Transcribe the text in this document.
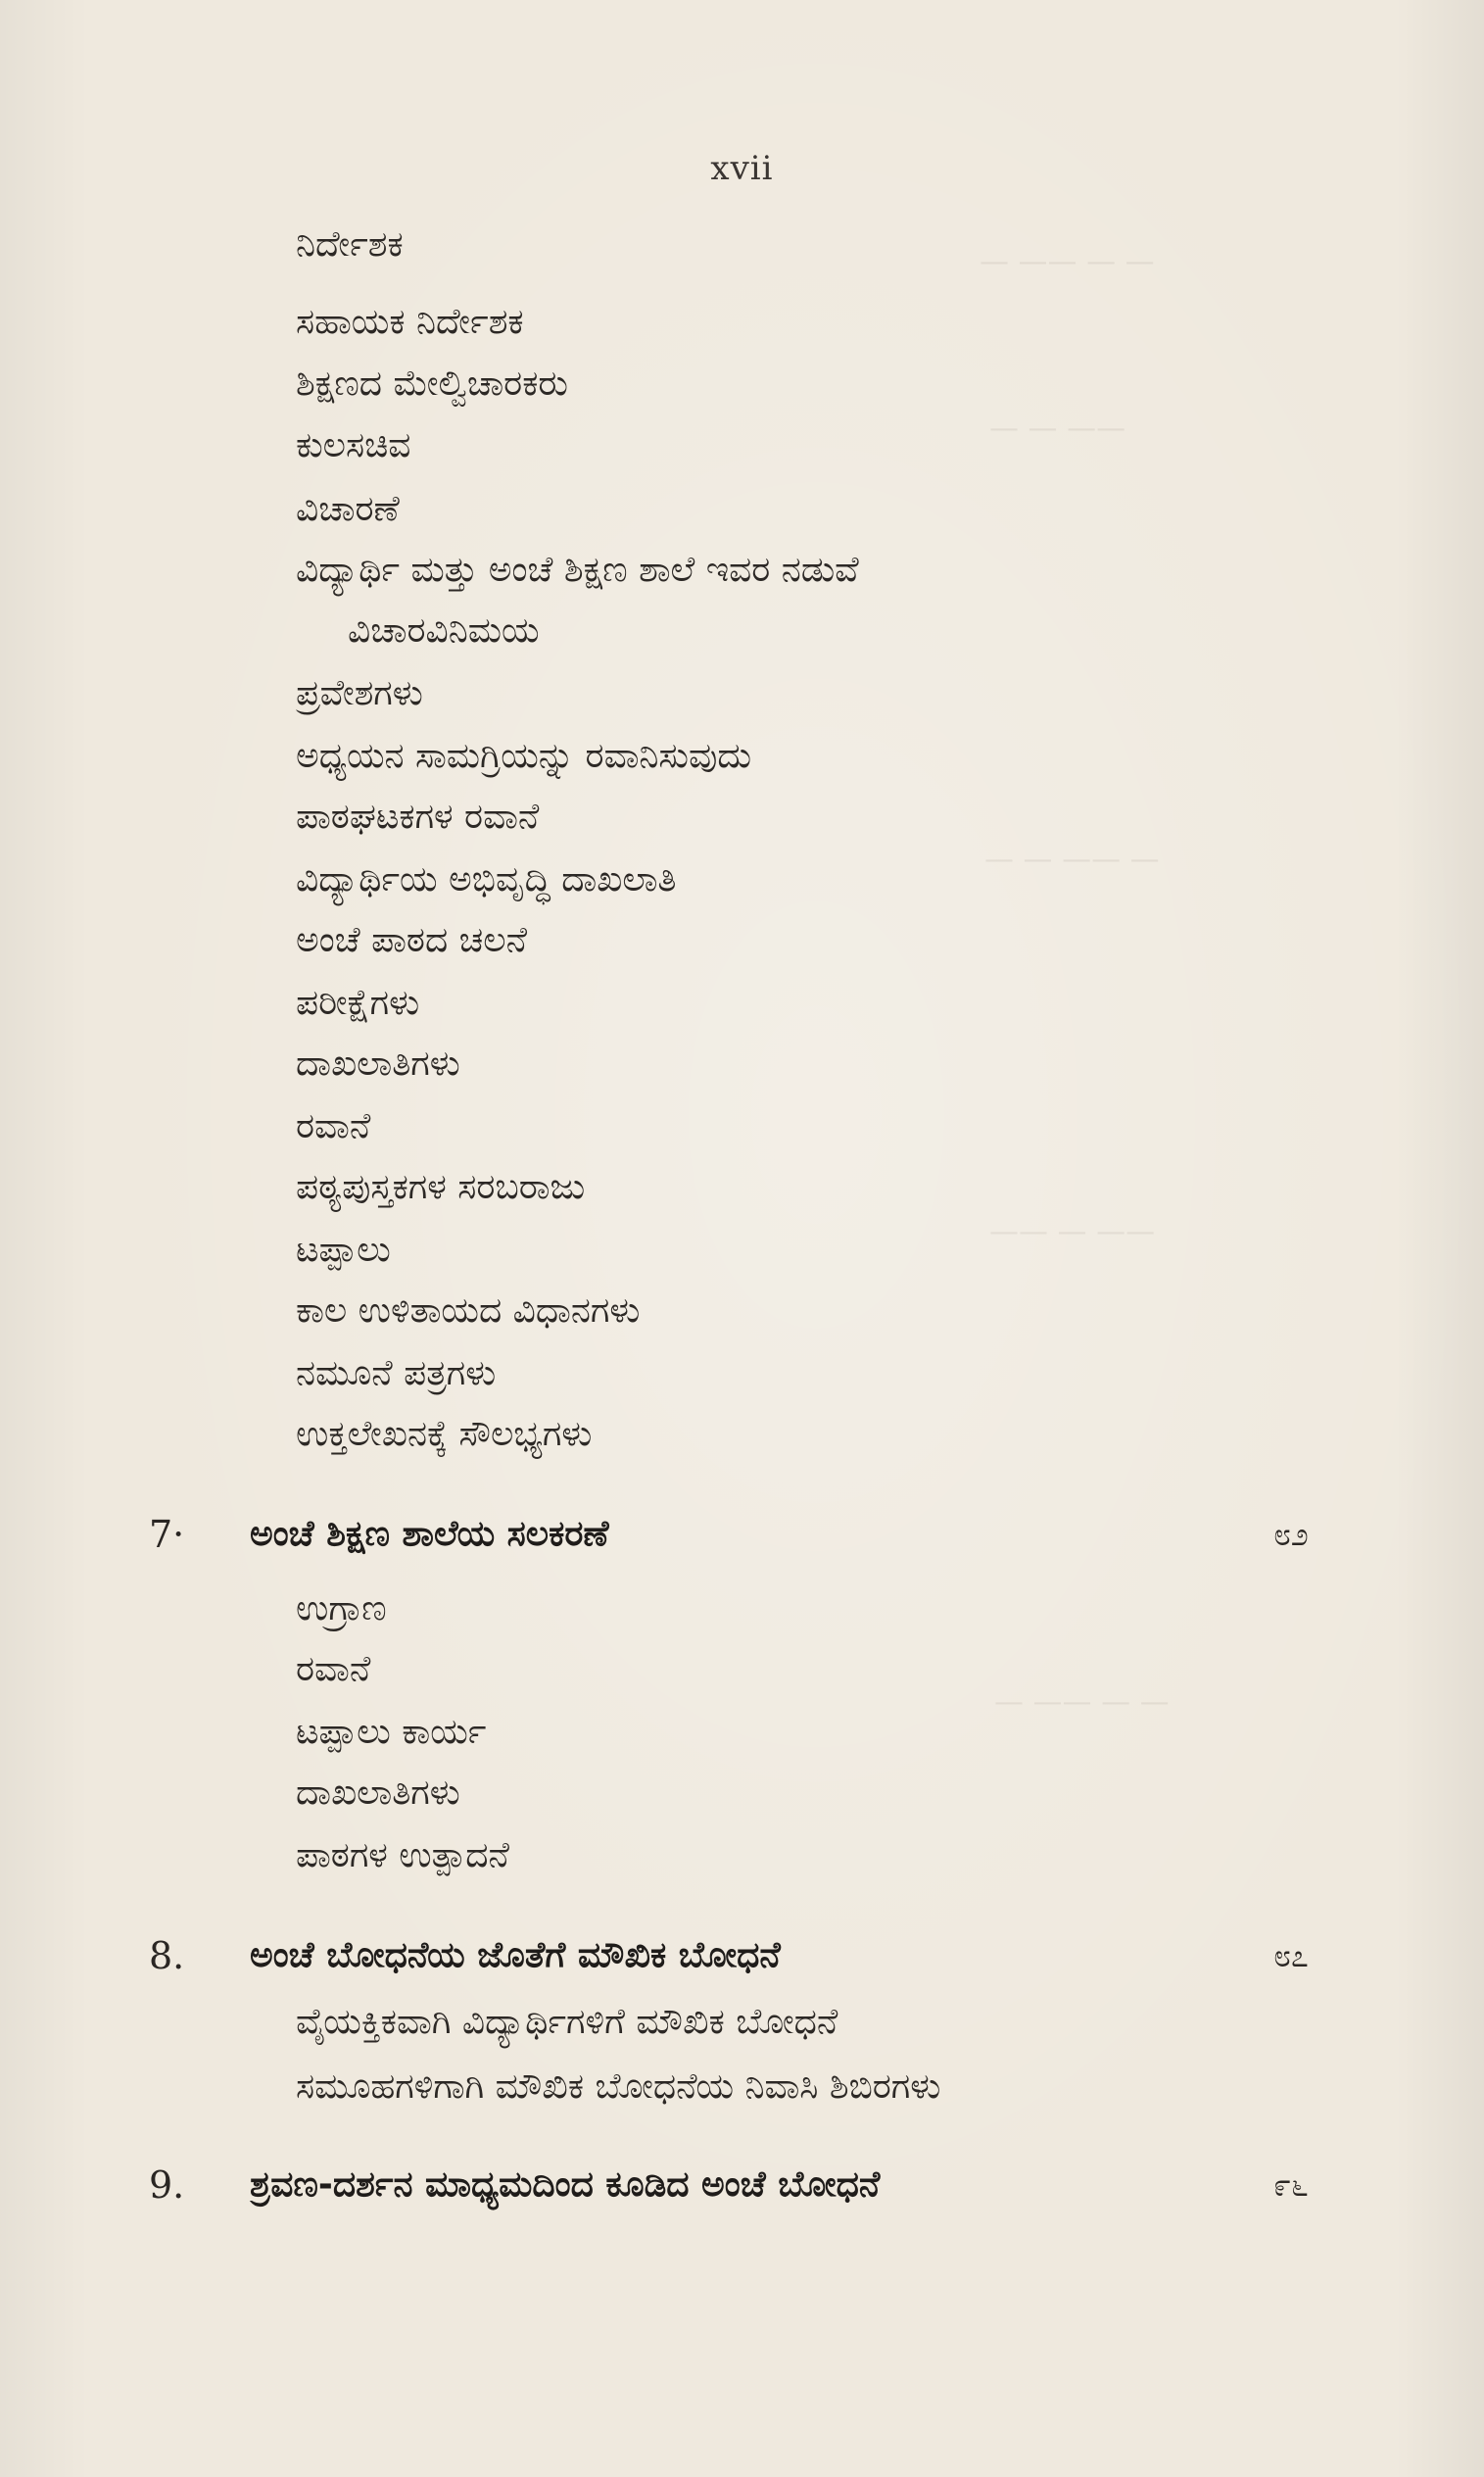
— — —— —
—— — —
— —— — —
—— — ——
— — —— —
xvii
ನಿರ್ದೇಶಕ
ಸಹಾಯಕ ನಿರ್ದೇಶಕ
ಶಿಕ್ಷಣದ ಮೇಲ್ವಿಚಾರಕರು
ಕುಲಸಚಿವ
ವಿಚಾರಣೆ
ವಿದ್ಯಾರ್ಥಿ ಮತ್ತು ಅಂಚೆ ಶಿಕ್ಷಣ ಶಾಲೆ ಇವರ ನಡುವೆ
ವಿಚಾರವಿನಿಮಯ
ಪ್ರವೇಶಗಳು
ಅಧ್ಯಯನ ಸಾಮಗ್ರಿಯನ್ನು ರವಾನಿಸುವುದು
ಪಾಠಘಟಕಗಳ ರವಾನೆ
ವಿದ್ಯಾರ್ಥಿಯ ಅಭಿವೃದ್ಧಿ ದಾಖಲಾತಿ
ಅಂಚೆ ಪಾಠದ ಚಲನೆ
ಪರೀಕ್ಷೆಗಳು
ದಾಖಲಾತಿಗಳು
ರವಾನೆ
ಪಠ್ಯಪುಸ್ತಕಗಳ ಸರಬರಾಜು
ಟಪ್ಪಾಲು
ಕಾಲ ಉಳಿತಾಯದ ವಿಧಾನಗಳು
ನಮೂನೆ ಪತ್ರಗಳು
ಉಕ್ತಲೇಖನಕ್ಕೆ ಸೌಲಭ್ಯಗಳು
7· ಅಂಚೆ ಶಿಕ್ಷಣ ಶಾಲೆಯ ಸಲಕರಣೆ	೮೨
ಉಗ್ರಾಣ
ರವಾನೆ
ಟಪ್ಪಾಲು ಕಾರ್ಯ
ದಾಖಲಾತಿಗಳು
ಪಾಠಗಳ ಉತ್ಪಾದನೆ
8. ಅಂಚೆ ಬೋಧನೆಯ ಜೊತೆಗೆ ಮೌಖಿಕ ಬೋಧನೆ	೮೭
ವೈಯಕ್ತಿಕವಾಗಿ ವಿದ್ಯಾರ್ಥಿಗಳಿಗೆ ಮೌಖಿಕ ಬೋಧನೆ
ಸಮೂಹಗಳಿಗಾಗಿ ಮೌಖಿಕ ಬೋಧನೆಯ ನಿವಾಸಿ ಶಿಬಿರಗಳು
9. ಶ್ರವಣ-ದರ್ಶನ ಮಾಧ್ಯಮದಿಂದ ಕೂಡಿದ ಅಂಚೆ ಬೋಧನೆ	೯೬
